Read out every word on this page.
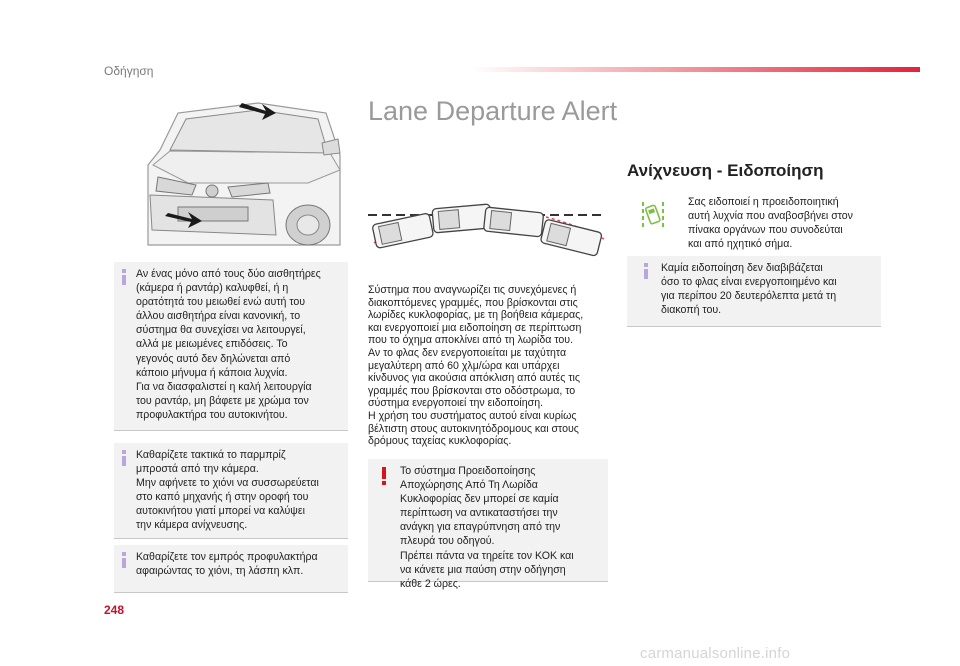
Οδήγηση
Lane Departure Alert
Αν ένας μόνο από τους δύο αισθητήρες
(κάμερα ή ραντάρ) καλυφθεί, ή η
ορατότητά του μειωθεί ενώ αυτή του
άλλου αισθητήρα είναι κανονική, το
σύστημα θα συνεχίσει να λειτουργεί,
αλλά με μειωμένες επιδόσεις. Το
γεγονός αυτό δεν δηλώνεται από
κάποιο μήνυμα ή κάποια λυχνία.
Για να διασφαλιστεί η καλή λειτουργία
του ραντάρ, μη βάφετε με χρώμα τον
προφυλακτήρα του αυτοκινήτου.
Καθαρίζετε τακτικά το παρμπρίζ
μπροστά από την κάμερα.
Μην αφήνετε το χιόνι να συσσωρεύεται
στο καπό μηχανής ή στην οροφή του
αυτοκινήτου γιατί μπορεί να καλύψει
την κάμερα ανίχνευσης.
Καθαρίζετε τον εμπρός προφυλακτήρα
αφαιρώντας το χιόνι, τη λάσπη κλπ.
Σύστημα που αναγνωρίζει τις συνεχόμενες ή
διακοπτόμενες γραμμές, που βρίσκονται στις
λωρίδες κυκλοφορίας, με τη βοήθεια κάμερας,
και ενεργοποιεί μια ειδοποίηση σε περίπτωση
που το όχημα αποκλίνει από τη λωρίδα του.
Αν το φλας δεν ενεργοποιείται με ταχύτητα
μεγαλύτερη από 60 χλμ/ώρα και υπάρχει
κίνδυνος για ακούσια απόκλιση από αυτές τις
γραμμές που βρίσκονται στο οδόστρωμα, το
σύστημα ενεργοποιεί την ειδοποίηση.
Η χρήση του συστήματος αυτού είναι κυρίως
βέλτιστη στους αυτοκινητόδρομους και στους
δρόμους ταχείας κυκλοφορίας.
Το σύστημα Προειδοποίησης
Αποχώρησης Από Τη Λωρίδα
Κυκλοφορίας δεν μπορεί σε καμία
περίπτωση να αντικαταστήσει την
ανάγκη για επαγρύπνηση από την
πλευρά του οδηγού.
Πρέπει πάντα να τηρείτε τον ΚΟΚ και
να κάνετε μια παύση στην οδήγηση
κάθε 2 ώρες.
Ανίχνευση - Ειδοποίηση
Σας ειδοποιεί η προειδοποιητική
αυτή λυχνία που αναβοσβήνει στον
πίνακα οργάνων που συνοδεύται
και από ηχητικό σήμα.
Καμία ειδοποίηση δεν διαβιβάζεται
όσο το φλας είναι ενεργοποιημένο και
για περίπου 20 δευτερόλεπτα μετά τη
διακοπή του.
248
carmanualsonline.info
